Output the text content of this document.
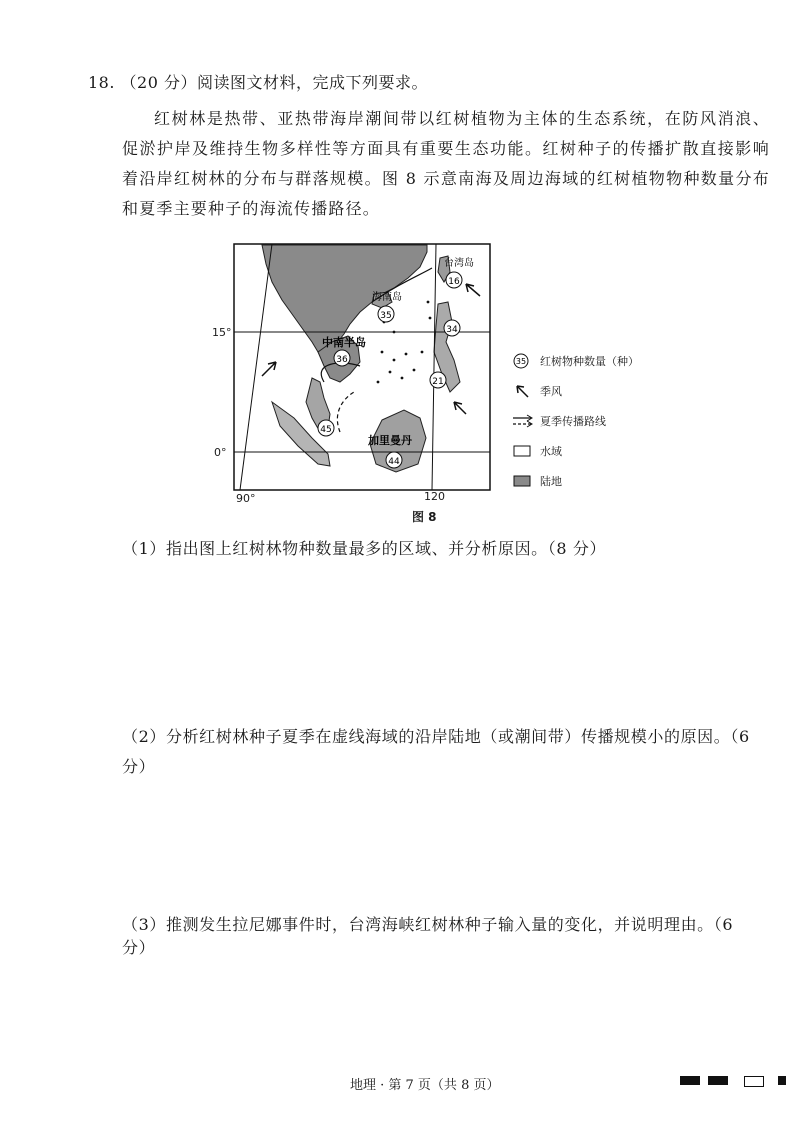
18. （20 分）阅读图文材料，完成下列要求。
红树林是热带、亚热带海岸潮间带以红树植物为主体的生态系统，在防风消浪、促淤护岸及维持生物多样性等方面具有重要生态功能。红树种子的传播扩散直接影响着沿岸红树林的分布与群落规模。图 8 示意南海及周边海域的红树植物物种数量分布和夏季主要种子的海流传播路径。
16
35
36
34
21
45
44
台湾岛
海南岛
中南半岛
加里曼丹
15°
0°
90°	120
35 红树物种数量（种）
季风
夏季传播路线
水域
陆地
图 8
（1）指出图上红树林物种数量最多的区域、并分析原因。（8 分）
（2）分析红树林种子夏季在虚线海域的沿岸陆地（或潮间带）传播规模小的原因。（6 分）
（3）推测发生拉尼娜事件时，台湾海峡红树林种子输入量的变化，并说明理由。（6 分）
地理 · 第 7 页（共 8 页）
